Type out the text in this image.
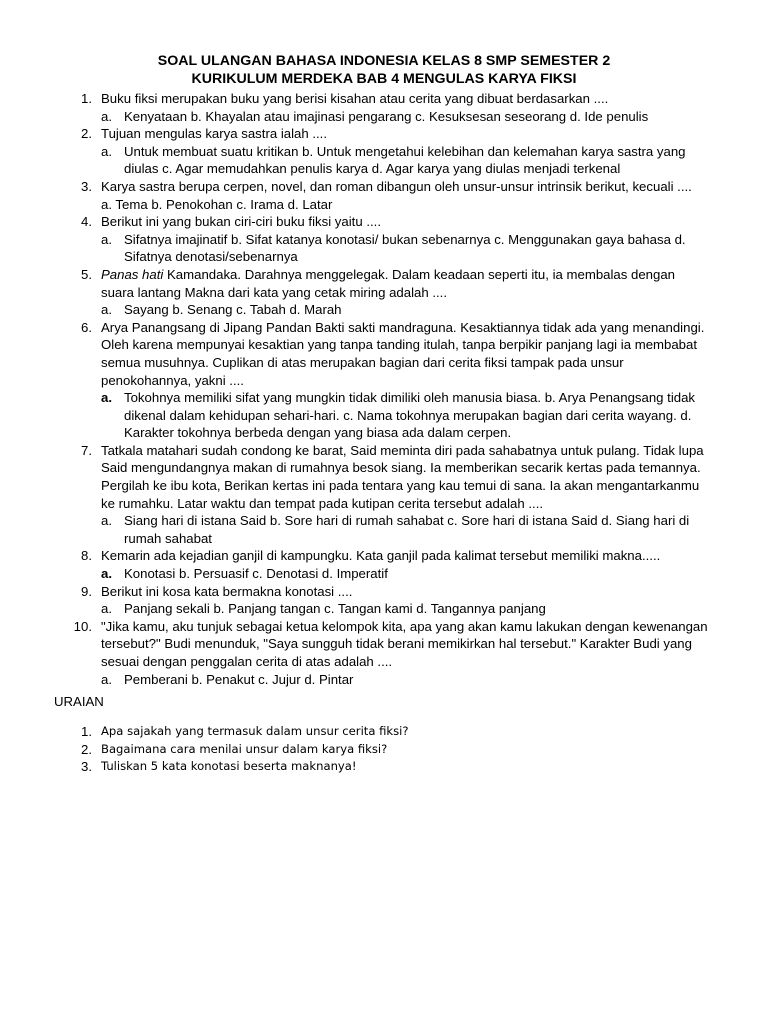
SOAL ULANGAN BAHASA INDONESIA KELAS 8 SMP SEMESTER 2
KURIKULUM MERDEKA BAB 4 MENGULAS KARYA FIKSI
1. Buku fiksi merupakan buku yang berisi kisahan atau cerita yang dibuat berdasarkan ....
a. Kenyataan b. Khayalan atau imajinasi pengarang c. Kesuksesan seseorang d. Ide penulis
2. Tujuan mengulas karya sastra ialah ....
a. Untuk membuat suatu kritikan b. Untuk mengetahui kelebihan dan kelemahan karya sastra yang diulas c. Agar memudahkan penulis karya d. Agar karya yang diulas menjadi terkenal
3. Karya sastra berupa cerpen, novel, dan roman dibangun oleh unsur-unsur intrinsik berikut, kecuali ....
a. Tema b. Penokohan c. Irama d. Latar
4. Berikut ini yang bukan ciri-ciri buku fiksi yaitu ....
a. Sifatnya imajinatif b. Sifat katanya konotasi/ bukan sebenarnya c. Menggunakan gaya bahasa d. Sifatnya denotasi/sebenarnya
5. Panas hati Kamandaka. Darahnya menggelegak. Dalam keadaan seperti itu, ia membalas dengan suara lantang Makna dari kata yang cetak miring adalah ....
a. Sayang b. Senang c. Tabah d. Marah
6. Arya Panangsang di Jipang Pandan Bakti sakti mandraguna. Kesaktiannya tidak ada yang menandingi. Oleh karena mempunyai kesaktian yang tanpa tanding itulah, tanpa berpikir panjang lagi ia membabat semua musuhnya. Cuplikan di atas merupakan bagian dari cerita fiksi tampak pada unsur penokohannya, yakni ....
a. Tokohnya memiliki sifat yang mungkin tidak dimiliki oleh manusia biasa. b. Arya Penangsang tidak dikenal dalam kehidupan sehari-hari. c. Nama tokohnya merupakan bagian dari cerita wayang. d. Karakter tokohnya berbeda dengan yang biasa ada dalam cerpen.
7. Tatkala matahari sudah condong ke barat, Said meminta diri pada sahabatnya untuk pulang. Tidak lupa Said mengundangnya makan di rumahnya besok siang. Ia memberikan secarik kertas pada temannya. Pergilah ke ibu kota, Berikan kertas ini pada tentara yang kau temui di sana. Ia akan mengantarkanmu ke rumahku. Latar waktu dan tempat pada kutipan cerita tersebut adalah ....
a. Siang hari di istana Said b. Sore hari di rumah sahabat c. Sore hari di istana Said d. Siang hari di rumah sahabat
8. Kemarin ada kejadian ganjil di kampungku. Kata ganjil pada kalimat tersebut memiliki makna.....
a. Konotasi b. Persuasif c. Denotasi d. Imperatif
9. Berikut ini kosa kata bermakna konotasi ....
a. Panjang sekali b. Panjang tangan c. Tangan kami d. Tangannya panjang
10. "Jika kamu, aku tunjuk sebagai ketua kelompok kita, apa yang akan kamu lakukan dengan kewenangan tersebut?" Budi menunduk, "Saya sungguh tidak berani memikirkan hal tersebut." Karakter Budi yang sesuai dengan penggalan cerita di atas adalah ....
a. Pemberani b. Penakut c. Jujur d. Pintar
URAIAN
1. Apa sajakah yang termasuk dalam unsur cerita fiksi?
2. Bagaimana cara menilai unsur dalam karya fiksi?
3. Tuliskan 5 kata konotasi beserta maknanya!
